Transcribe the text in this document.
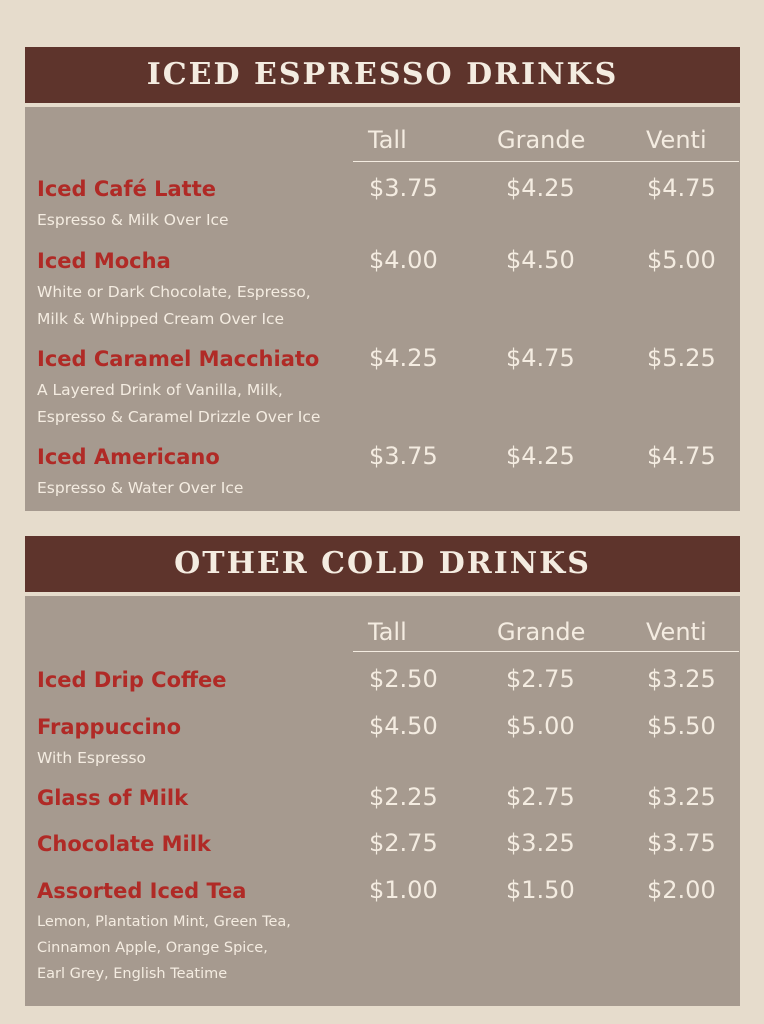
ICED ESPRESSO DRINKS
Tall	Grande	Venti
Iced Café Latte
Espresso & Milk Over Ice
$3.75	$4.25	$4.75
Iced Mocha
White or Dark Chocolate, Espresso,
Milk & Whipped Cream Over Ice
$4.00	$4.50	$5.00
Iced Caramel Macchiato
A Layered Drink of Vanilla, Milk,
Espresso & Caramel Drizzle Over Ice
$4.25	$4.75	$5.25
Iced Americano
Espresso & Water Over Ice
$3.75	$4.25	$4.75
OTHER COLD DRINKS
Tall	Grande	Venti
Iced Drip Coffee	$2.50	$2.75	$3.25
Frappuccino
With Espresso
$4.50	$5.00	$5.50
Glass of Milk	$2.25	$2.75	$3.25
Chocolate Milk	$2.75	$3.25	$3.75
Assorted Iced Tea
Lemon, Plantation Mint, Green Tea,
Cinnamon Apple, Orange Spice,
Earl Grey, English Teatime
$1.00	$1.50	$2.00
